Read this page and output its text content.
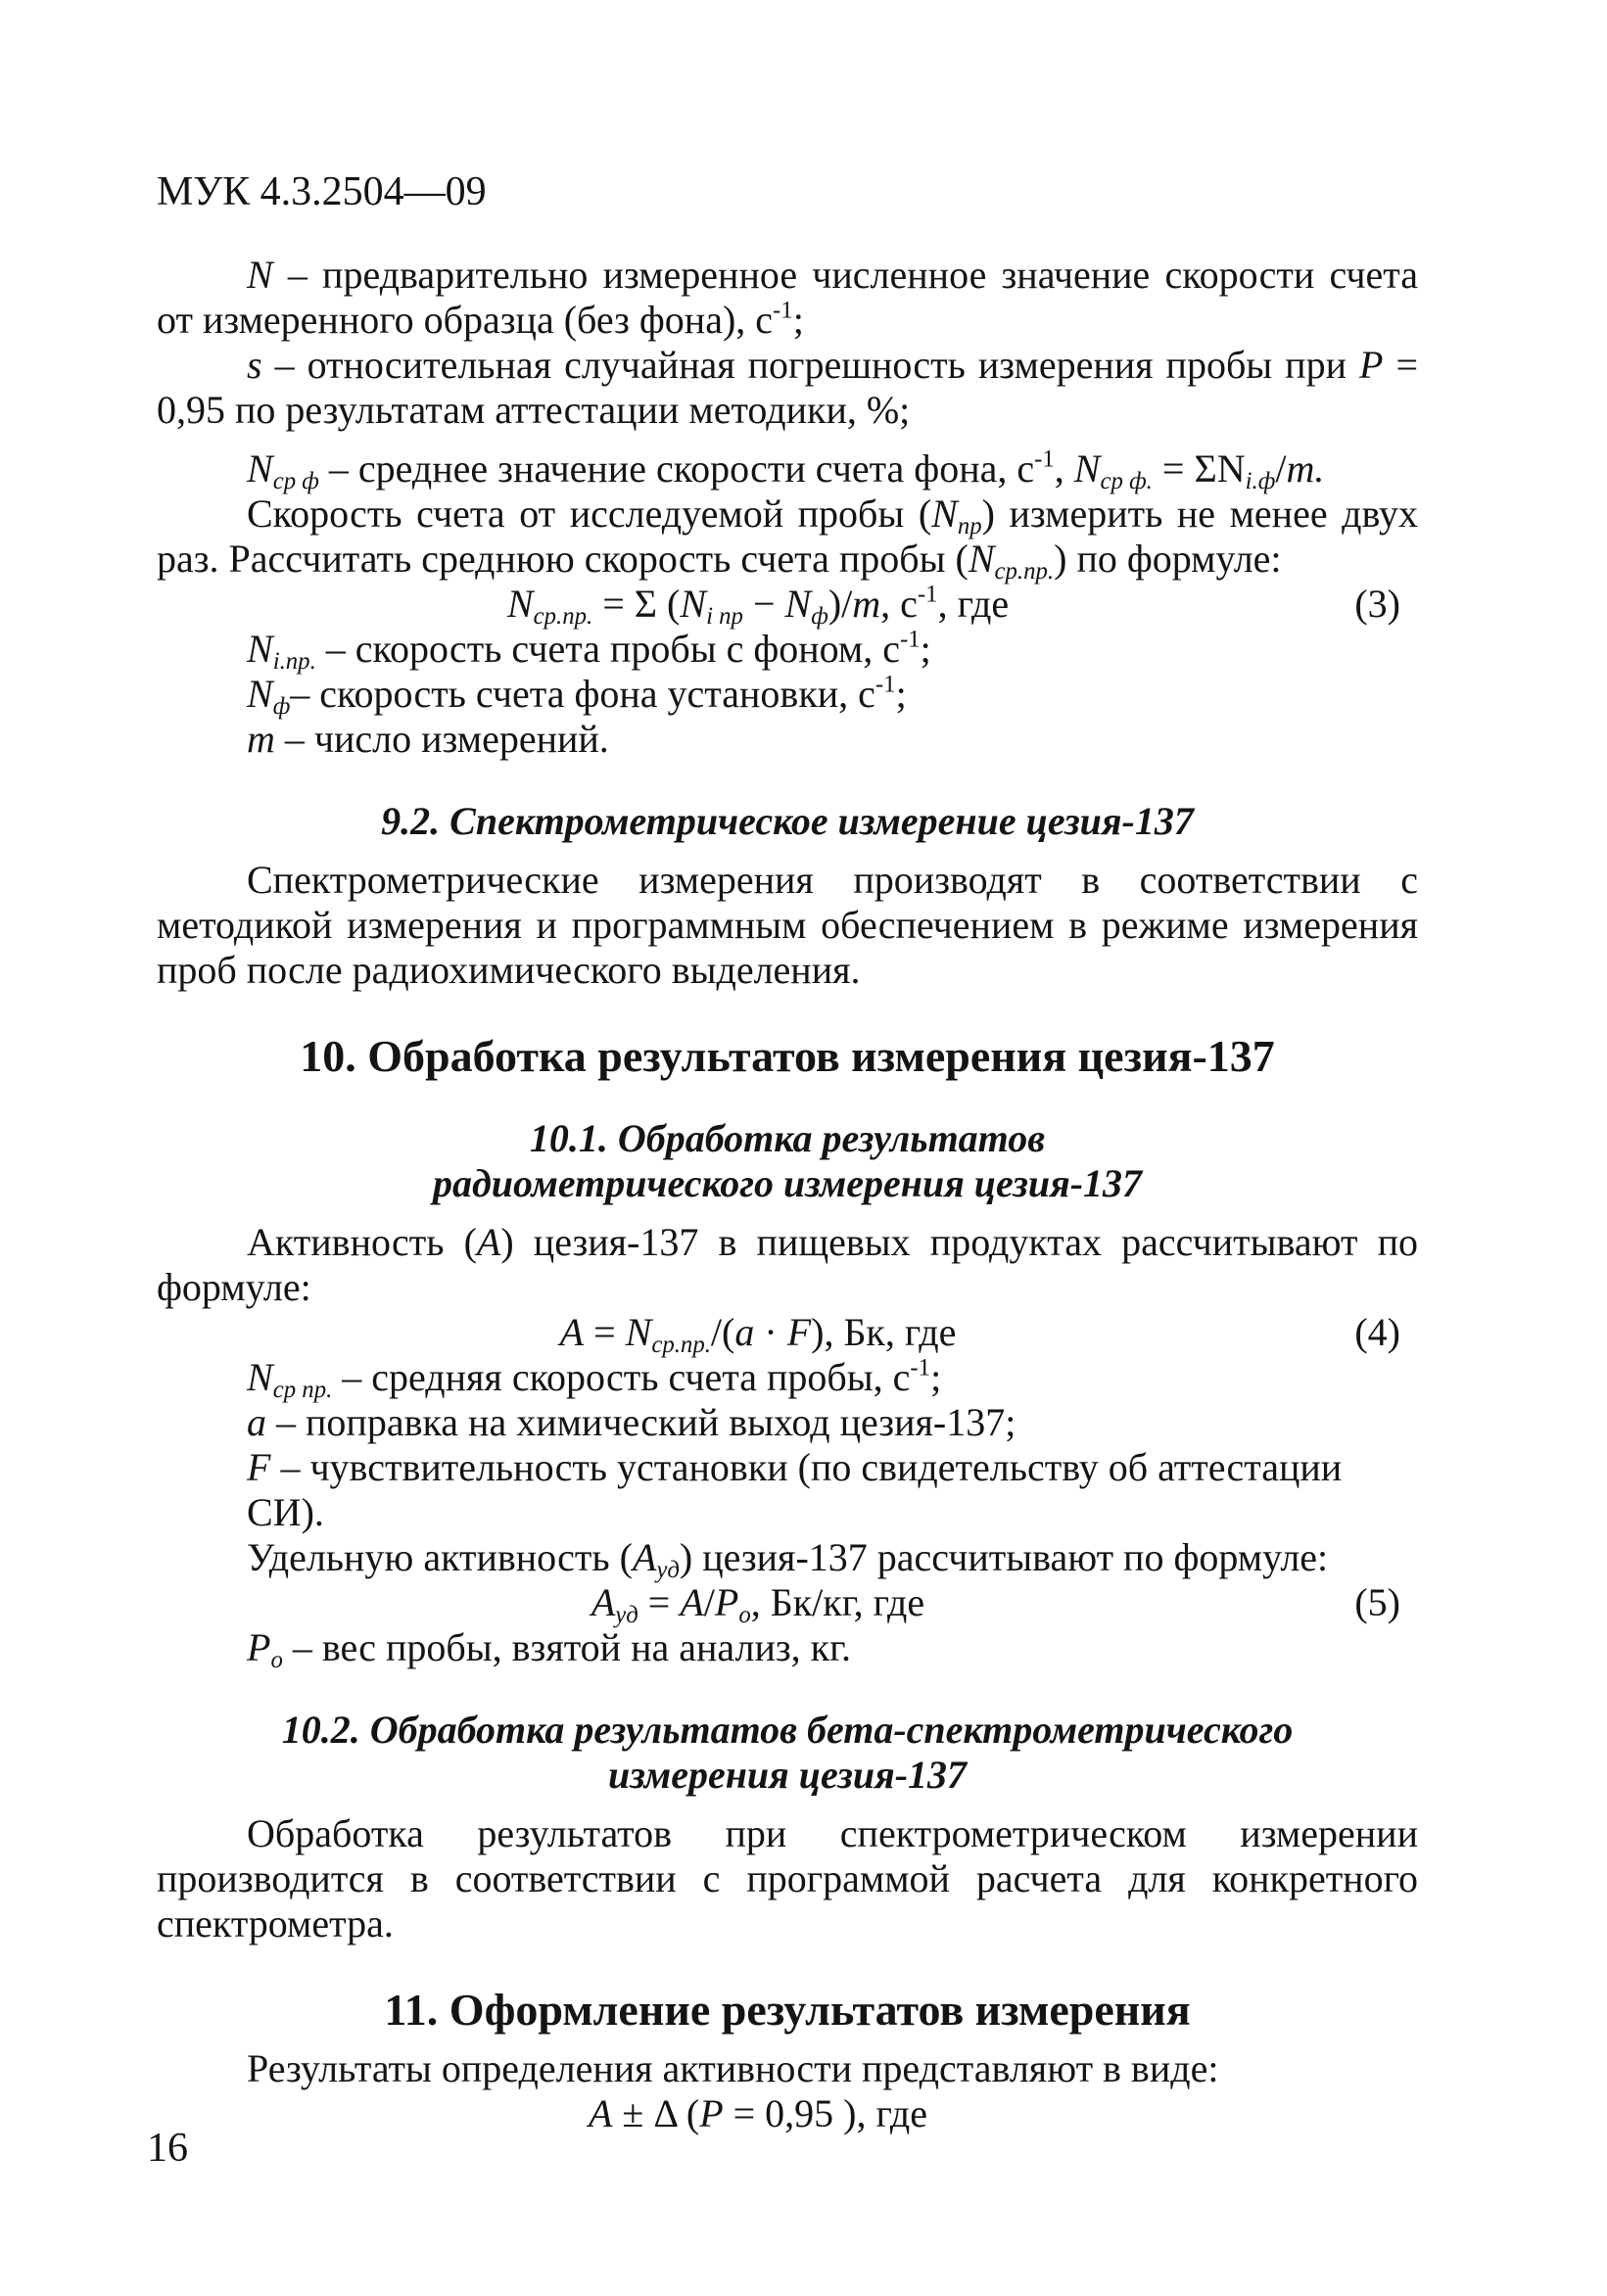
МУК 4.3.2504—09

N – предварительно измеренное численное значение скорости счета от измеренного образца (без фона), $с^{-1}$;

s – относительная случайная погрешность измерения пробы при P = 0,95 по результатам аттестации методики, %;

$N_{ср ф}$ – среднее значение скорости счета фона, $с^{-1}$, $N_{ср ф.} = \Sigma N_{i.ф}/m$.

Скорость счета от исследуемой пробы $(N_{пр})$ измерить не менее двух раз. Рассчитать среднюю скорость счета пробы $(N_{ср.пр.})$ по формуле:

$N_{ср.пр.} = \Sigma$ $(N_{i пр} - N_ф)/m$, $с^{-1}$, где	(3)

$N_{i.пр.}$ – скорость счета пробы с фоном, $с^{-1}$;

$N_ф-$ скорость счета фона установки, $с^{-1}$;

m – число измерений.

9.2. Спектрометрическое измерение цезия-137

Спектрометрические измерения производят в соответствии с методикой измерения и программным обеспечением в режиме измерения проб после радиохимического выделения.

10. Обработка результатов измерения цезия-137
10.1. Обработка результатов
радиометрического измерения цезия-137

Активность (A) цезия-137 в пищевых продуктах рассчитывают по формуле:

$A = N_{ср.пр.}/(a \cdot F)$, Бк, где	(4)

$N_{ср пр.}$ – средняя скорость счета пробы, $с^{-1}$;

a – поправка на химический выход цезия-137;

F – чувствительность установки (по свидетельству об аттестации СИ).

Удельную активность $(A_{уд})$ цезия-137 рассчитывают по формуле:

$A_{уд} = A/P_о$, Бк/кг, где	(5)

$P_о$ – вес пробы, взятой на анализ, кг.

10.2. Обработка результатов бета-спектрометрического
измерения цезия-137

Обработка результатов при спектрометрическом измерении производится в соответствии с программой расчета для конкретного спектрометра.

11. Оформление результатов измерения

Результаты определения активности представляют в виде:

A ± Δ (P = 0,95 ), где

16
